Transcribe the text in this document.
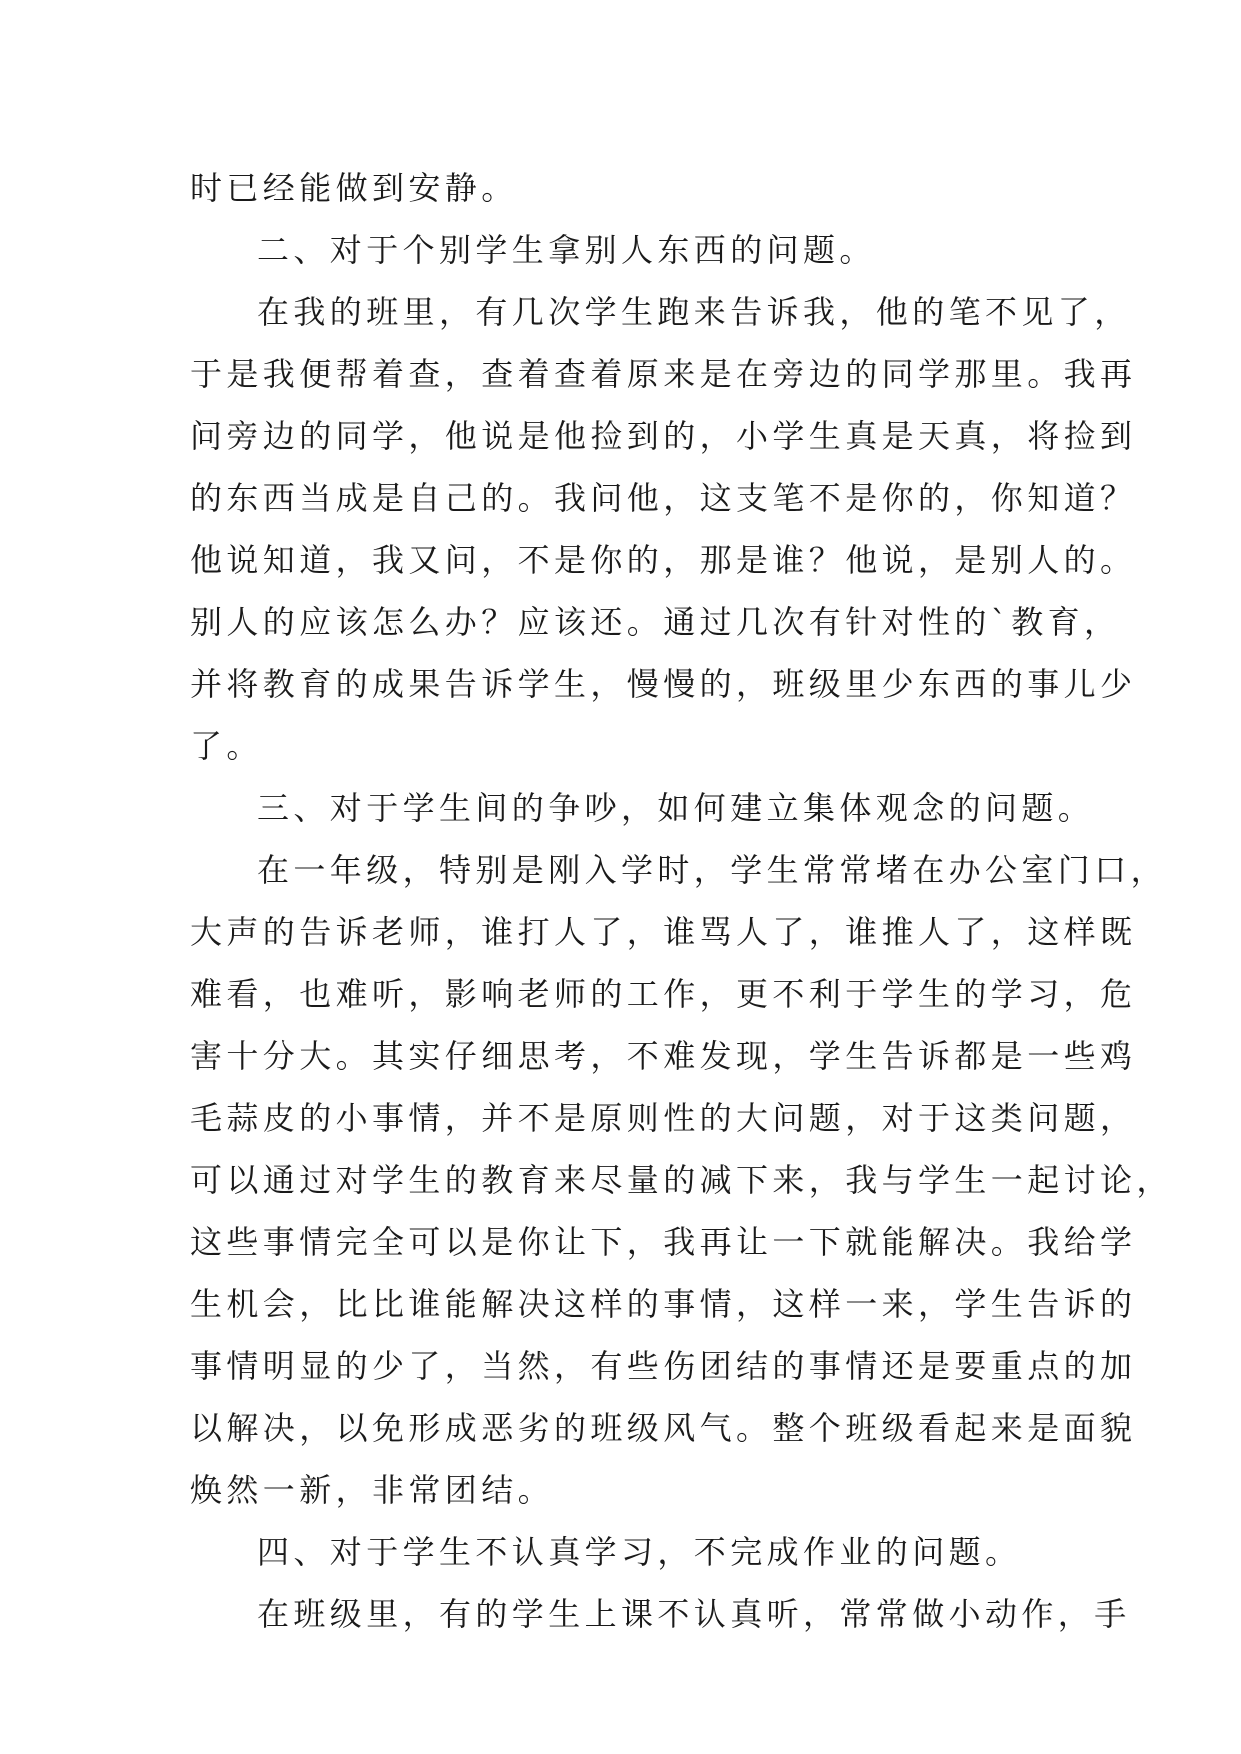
时已经能做到安静。
二、对于个别学生拿别人东西的问题。
在我的班里，有几次学生跑来告诉我，他的笔不见了，
于是我便帮着查，查着查着原来是在旁边的同学那里。我再
问旁边的同学，他说是他捡到的，小学生真是天真，将捡到
的东西当成是自己的。我问他，这支笔不是你的，你知道？
他说知道，我又问，不是你的，那是谁？他说，是别人的。
别人的应该怎么办？应该还。通过几次有针对性的`教育，
并将教育的成果告诉学生，慢慢的，班级里少东西的事儿少
了。
三、对于学生间的争吵，如何建立集体观念的问题。
在一年级，特别是刚入学时，学生常常堵在办公室门口，
大声的告诉老师，谁打人了，谁骂人了，谁推人了，这样既
难看，也难听，影响老师的工作，更不利于学生的学习，危
害十分大。其实仔细思考，不难发现，学生告诉都是一些鸡
毛蒜皮的小事情，并不是原则性的大问题，对于这类问题，
可以通过对学生的教育来尽量的减下来，我与学生一起讨论，
这些事情完全可以是你让下，我再让一下就能解决。我给学
生机会，比比谁能解决这样的事情，这样一来，学生告诉的
事情明显的少了，当然，有些伤团结的事情还是要重点的加
以解决，以免形成恶劣的班级风气。整个班级看起来是面貌
焕然一新，非常团结。
四、对于学生不认真学习，不完成作业的问题。
在班级里，有的学生上课不认真听，常常做小动作，手
